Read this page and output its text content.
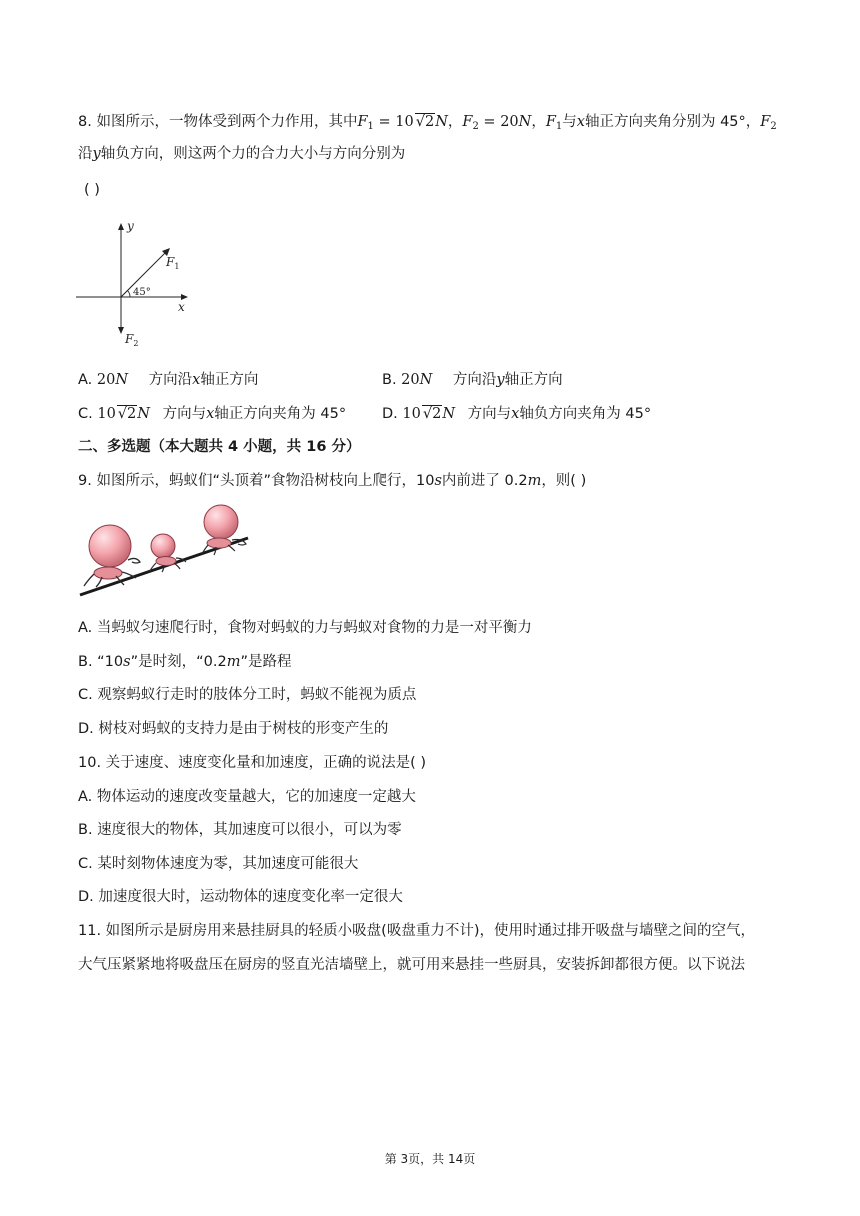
8. 如图所示，一物体受到两个力作用，其中$F_1 = 10$ √2N，$F_2 = 20N$，$F_1$与x轴正方向夹角分别为 45°，$F_2$
沿y轴负方向，则这两个力的合力大小与方向分别为
( )
45°
y
x
$F_1$
$F_2$
A. 20N 方向沿x轴正方向	B. 20N 方向沿y轴正方向
C. 10 √2N 方向与x轴正方向夹角为 45° D. 10 √2N 方向与x轴负方向夹角为 45°
二、多选题（本大题共 4 小题，共 16 分）
9. 如图所示，蚂蚁们“头顶着”食物沿树枝向上爬行，10s内前进了 0.2m，则( )
A. 当蚂蚁匀速爬行时，食物对蚂蚁的力与蚂蚁对食物的力是一对平衡力
B. “10s”是时刻，“0.2m”是路程
C. 观察蚂蚁行走时的肢体分工时，蚂蚁不能视为质点
D. 树枝对蚂蚁的支持力是由于树枝的形变产生的
10. 关于速度、速度变化量和加速度，正确的说法是( )
A. 物体运动的速度改变量越大，它的加速度一定越大
B. 速度很大的物体，其加速度可以很小，可以为零
C. 某时刻物体速度为零，其加速度可能很大
D. 加速度很大时，运动物体的速度变化率一定很大
11. 如图所示是厨房用来悬挂厨具的轻质小吸盘(吸盘重力不计)，使用时通过排开吸盘与墙壁之间的空气，
大气压紧紧地将吸盘压在厨房的竖直光洁墙壁上，就可用来悬挂一些厨具，安装拆卸都很方便。以下说法
第 3页，共 14页
